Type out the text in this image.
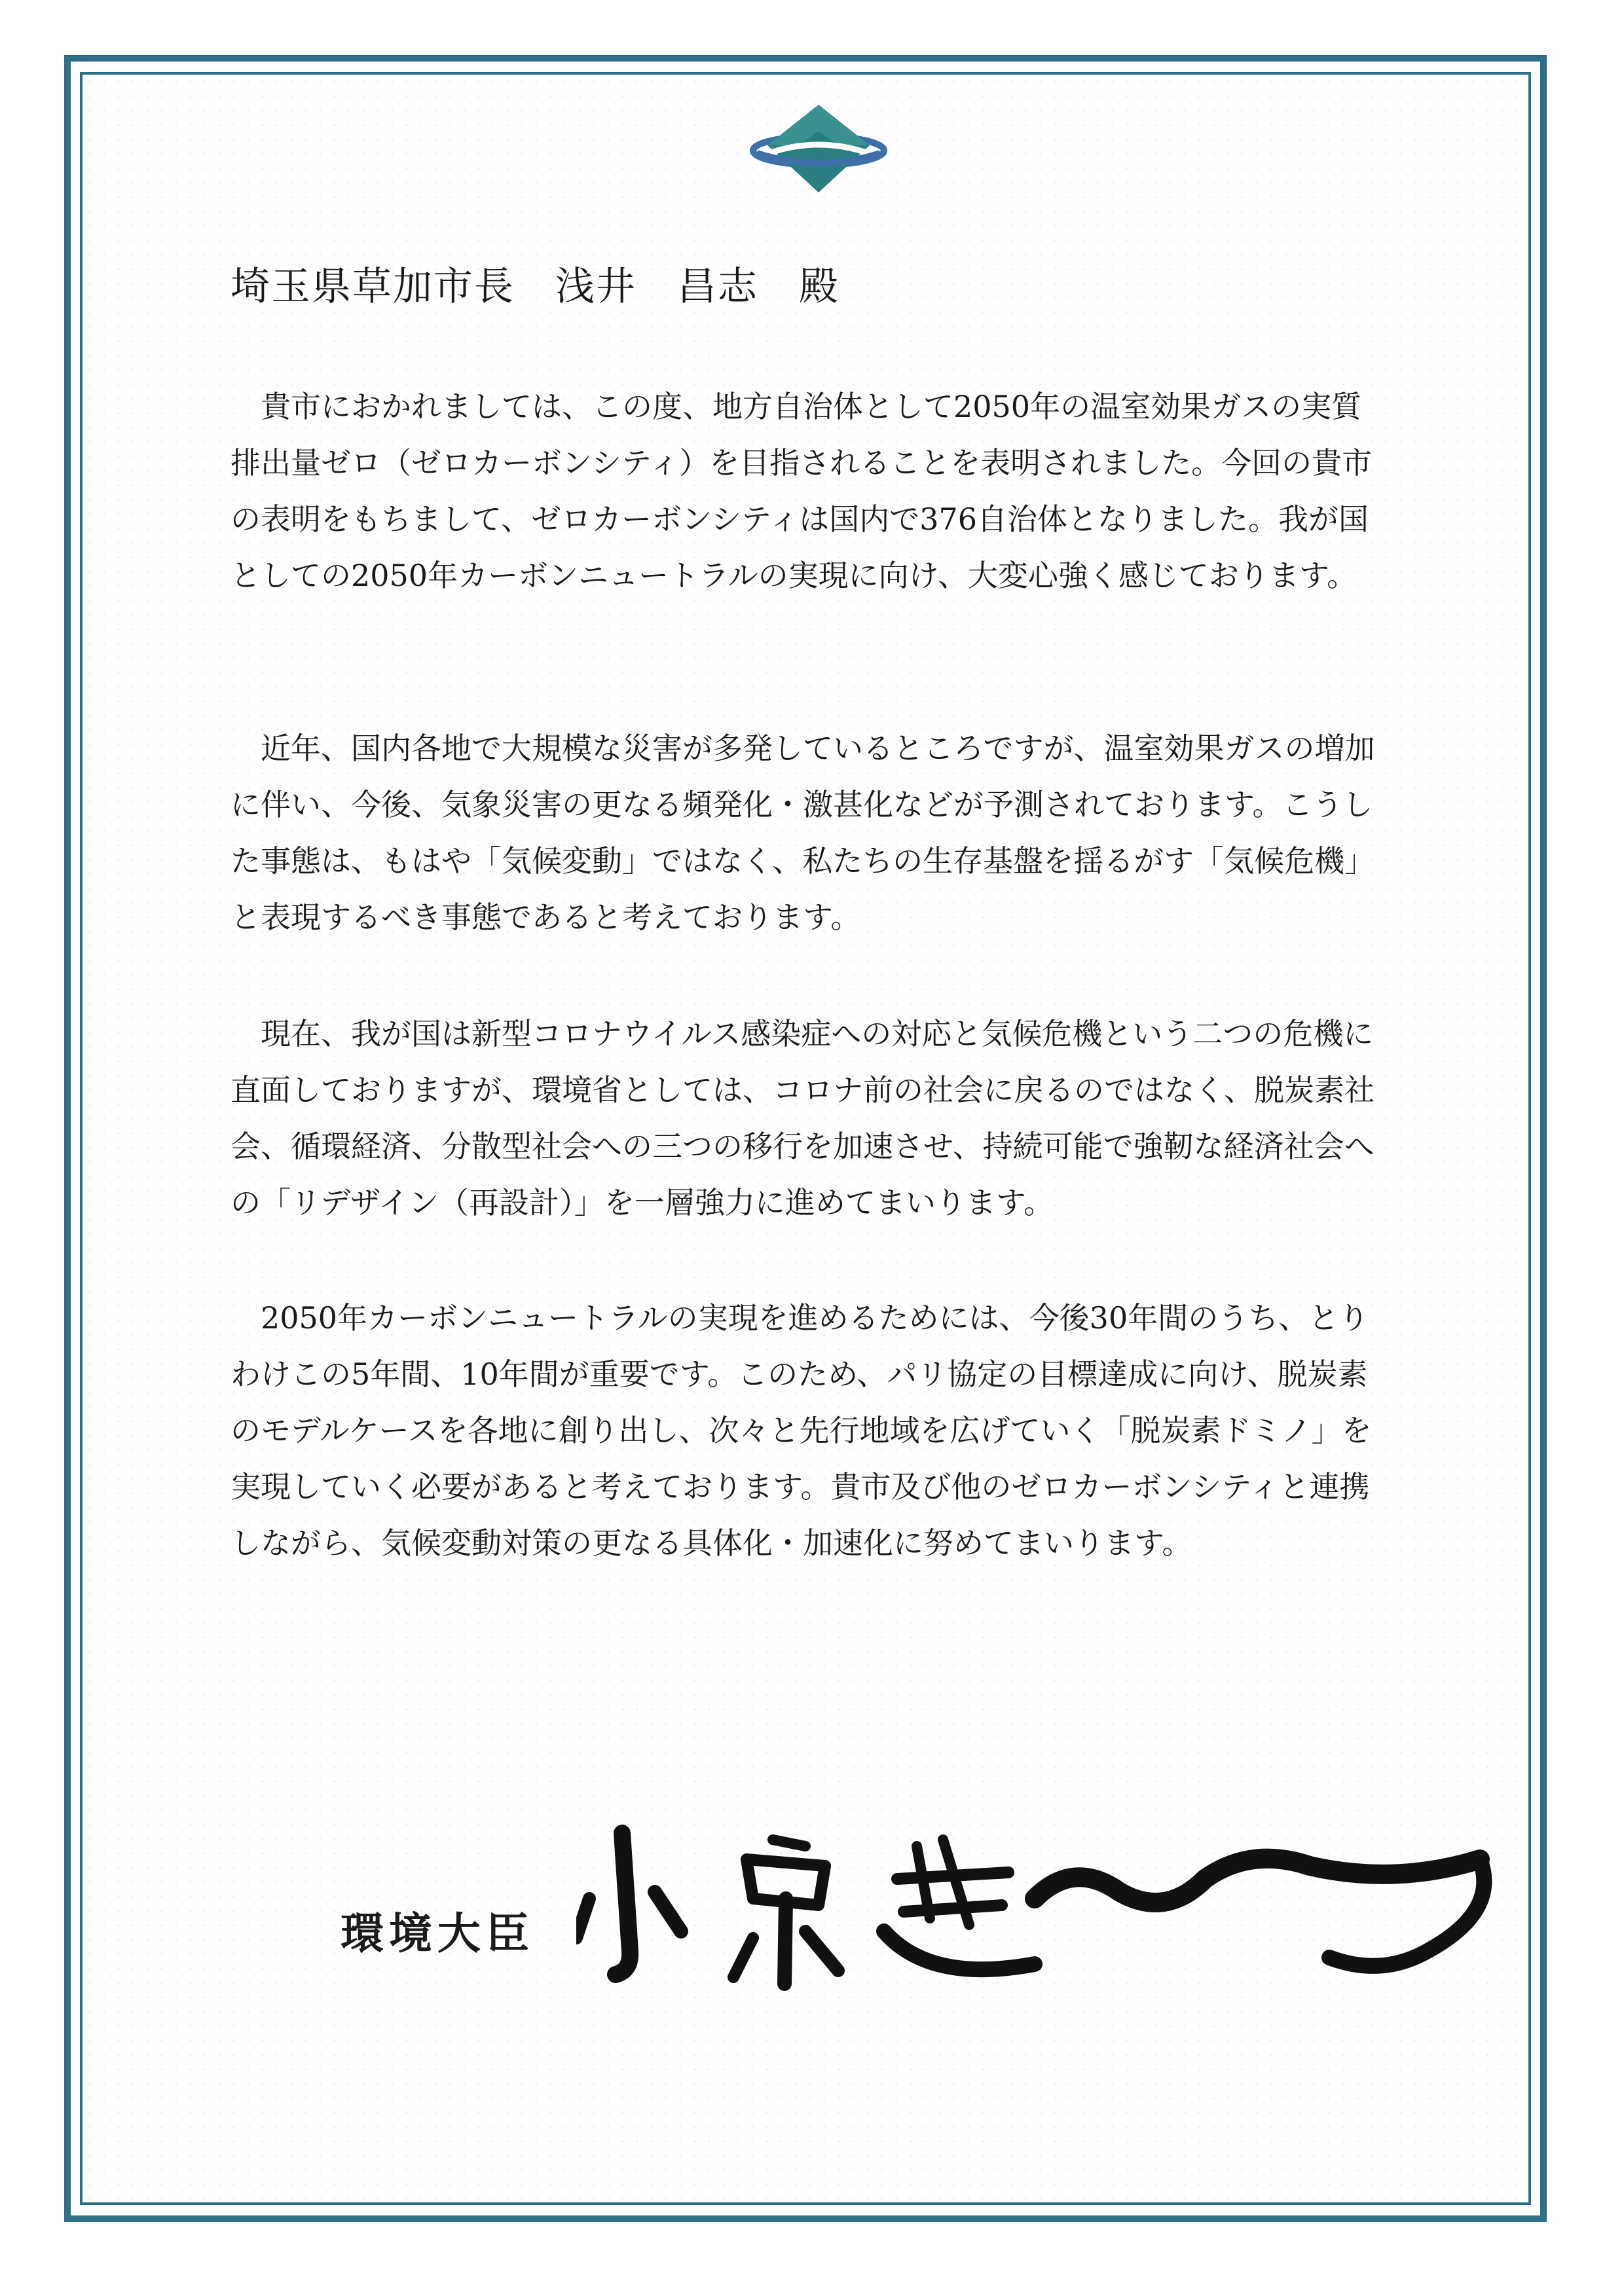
埼玉県草加市長　浅井　昌志　殿

貴市におかれましては、この度、地方自治体として2050年の温室効果ガスの実質排出量ゼロ（ゼロカーボンシティ）を目指されることを表明されました。今回の貴市の表明をもちまして、ゼロカーボンシティは国内で376自治体となりました。我が国としての2050年カーボンニュートラルの実現に向け、大変心強く感じております。

近年、国内各地で大規模な災害が多発しているところですが、温室効果ガスの増加に伴い、今後、気象災害の更なる頻発化・激甚化などが予測されております。こうした事態は、もはや「気候変動」ではなく、私たちの生存基盤を揺るがす「気候危機」と表現するべき事態であると考えております。

現在、我が国は新型コロナウイルス感染症への対応と気候危機という二つの危機に直面しておりますが、環境省としては、コロナ前の社会に戻るのではなく、脱炭素社会、循環経済、分散型社会への三つの移行を加速させ、持続可能で強靭な経済社会への「リデザイン（再設計）」を一層強力に進めてまいります。

2050年カーボンニュートラルの実現を進めるためには、今後30年間のうち、とりわけこの5年間、10年間が重要です。このため、パリ協定の目標達成に向け、脱炭素のモデルケースを各地に創り出し、次々と先行地域を広げていく「脱炭素ドミノ」を実現していく必要があると考えております。貴市及び他のゼロカーボンシティと連携しながら、気候変動対策の更なる具体化・加速化に努めてまいります。

環境大臣
